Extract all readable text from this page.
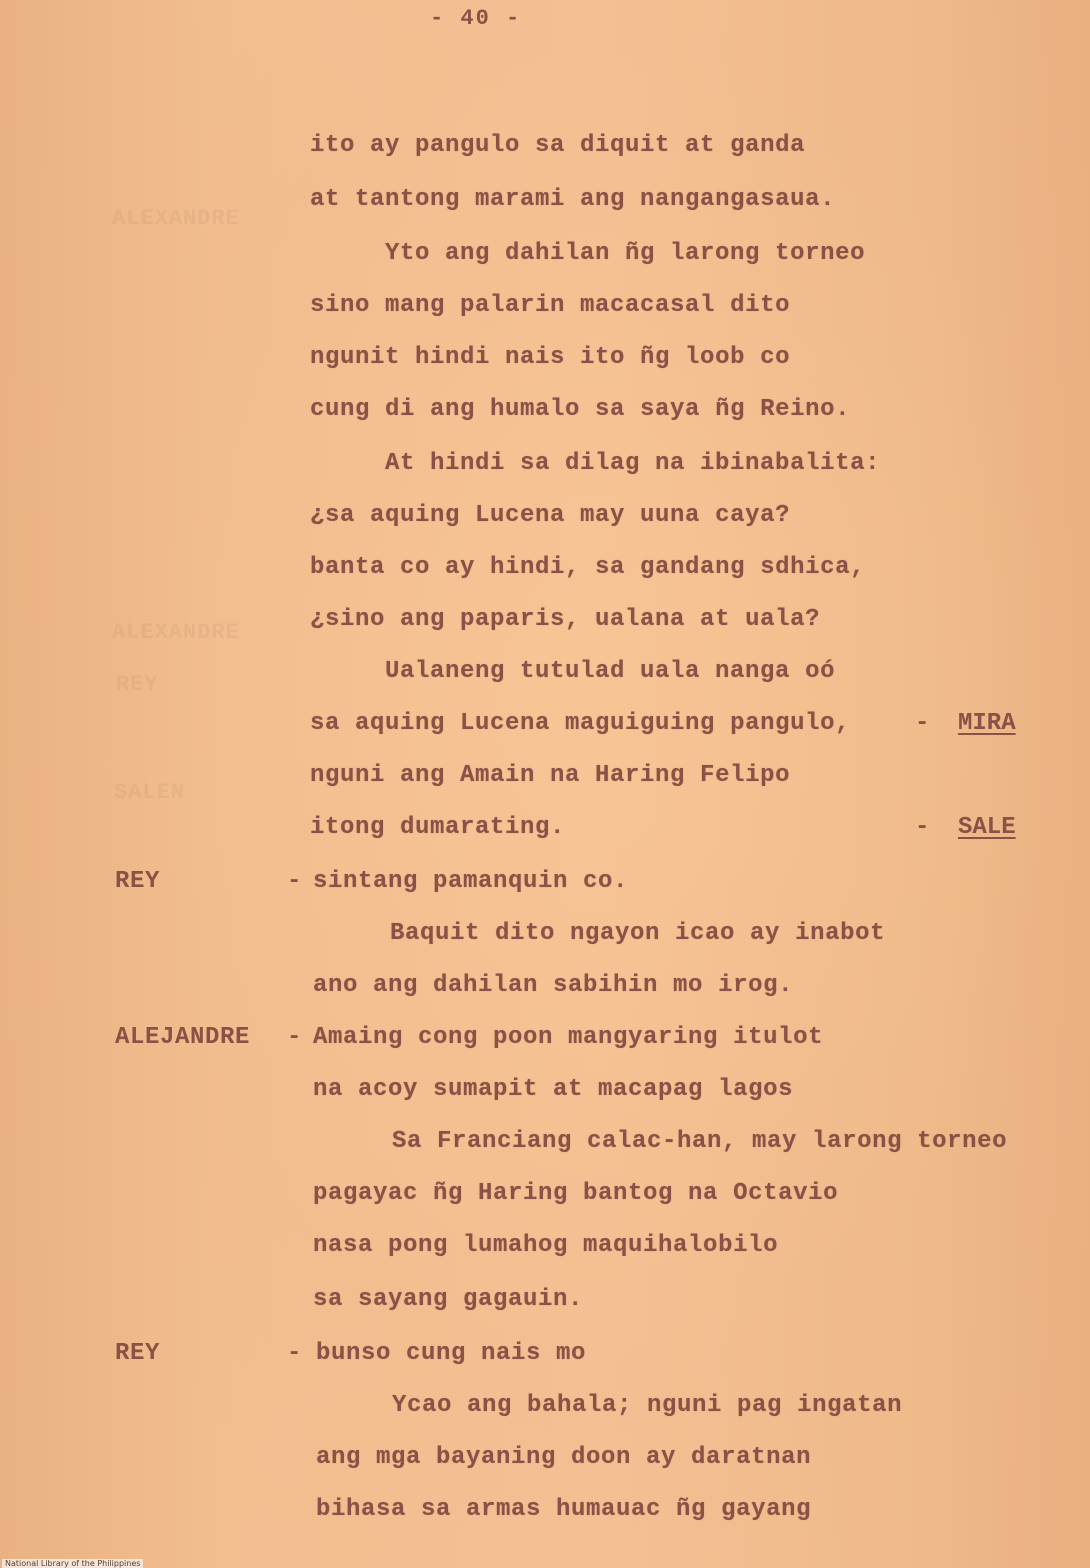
ALEXANDRE
REY
SALEN
ALEXANDRE
- 40 -
ito ay pangulo sa diquit at ganda
at tantong marami ang nangangasaua.
Yto ang dahilan ñg larong torneo
sino mang palarin macacasal dito
ngunit hindi nais ito ñg loob co
cung di ang humalo sa saya ñg Reino.
At hindi sa dilag na ibinabalita:
¿sa aquing Lucena may uuna caya?
banta co ay hindi, sa gandang sdhica,
¿sino ang paparis, ualana at uala?
Ualaneng tutulad uala nanga oó
sa aquing Lucena maguiguing pangulo,	- MIRA
nguni ang Amain na Haring Felipo
itong dumarating.	- SALE
REY	- sintang pamanquin co.
Baquit dito ngayon icao ay inabot
ano ang dahilan sabihin mo irog.
ALEJANDRE - Amaing cong poon mangyaring itulot
na acoy sumapit at macapag lagos
Sa Franciang calac-han, may larong torneo
pagayac ñg Haring bantog na Octavio
nasa pong lumahog maquihalobilo
sa sayang gagauin.
REY	- bunso cung nais mo
Ycao ang bahala; nguni pag ingatan
ang mga bayaning doon ay daratnan
bihasa sa armas humauac ñg gayang
National Library of the Philippines
